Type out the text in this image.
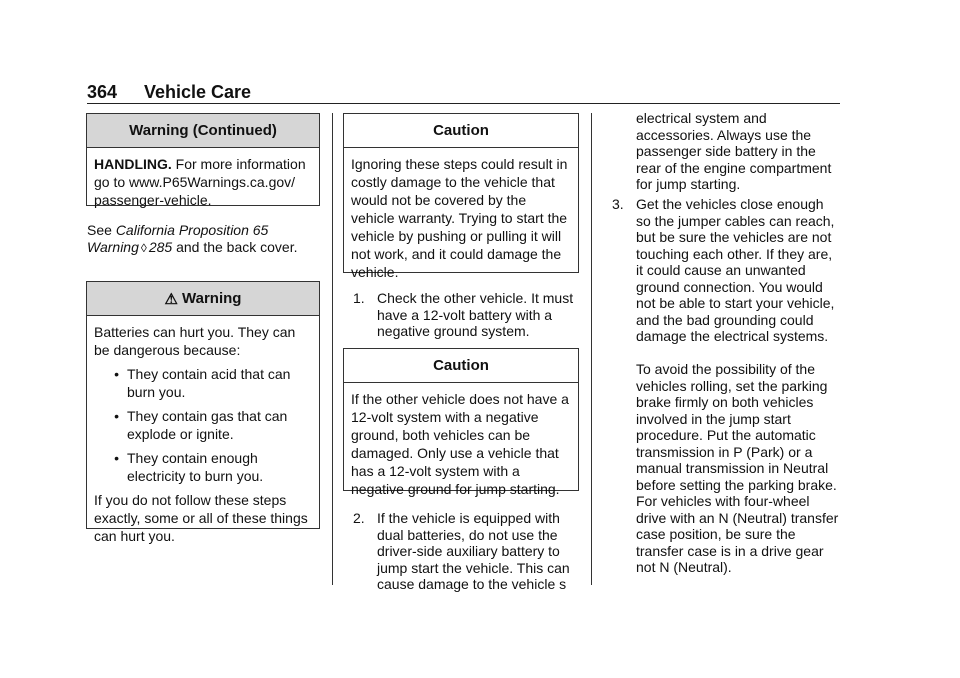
364 Vehicle Care
Warning (Continued)

HANDLING. For more information go to www.P65Warnings.ca.gov/ passenger-vehicle.

See California Proposition 65 Warning ◊ 285 and the back cover.
⚠ Warning

Batteries can hurt you. They can be dangerous because:

• They contain acid that can burn you.
• They contain gas that can explode or ignite.
• They contain enough electricity to burn you.

If you do not follow these steps exactly, some or all of these things can hurt you.

Caution

Ignoring these steps could result in costly damage to the vehicle that would not be covered by the vehicle warranty. Trying to start the vehicle by pushing or pulling it will not work, and it could damage the vehicle.

1. Check the other vehicle. It must have a 12-volt battery with a negative ground system.
Caution

If the other vehicle does not have a 12-volt system with a negative ground, both vehicles can be damaged. Only use a vehicle that has a 12-volt system with a negative ground for jump starting.

2. If the vehicle is equipped with dual batteries, do not use the driver-side auxiliary battery to jump start the vehicle. This can cause damage to the vehicle s
electrical system and accessories. Always use the passenger side battery in the rear of the engine compartment for jump starting.
3. Get the vehicles close enough so the jumper cables can reach, but be sure the vehicles are not touching each other. If they are, it could cause an unwanted ground connection. You would not be able to start your vehicle, and the bad grounding could damage the electrical systems.
To avoid the possibility of the vehicles rolling, set the parking brake firmly on both vehicles involved in the jump start procedure. Put the automatic transmission in P (Park) or a manual transmission in Neutral before setting the parking brake. For vehicles with four-wheel drive with an N (Neutral) transfer case position, be sure the transfer case is in a drive gear not N (Neutral).
